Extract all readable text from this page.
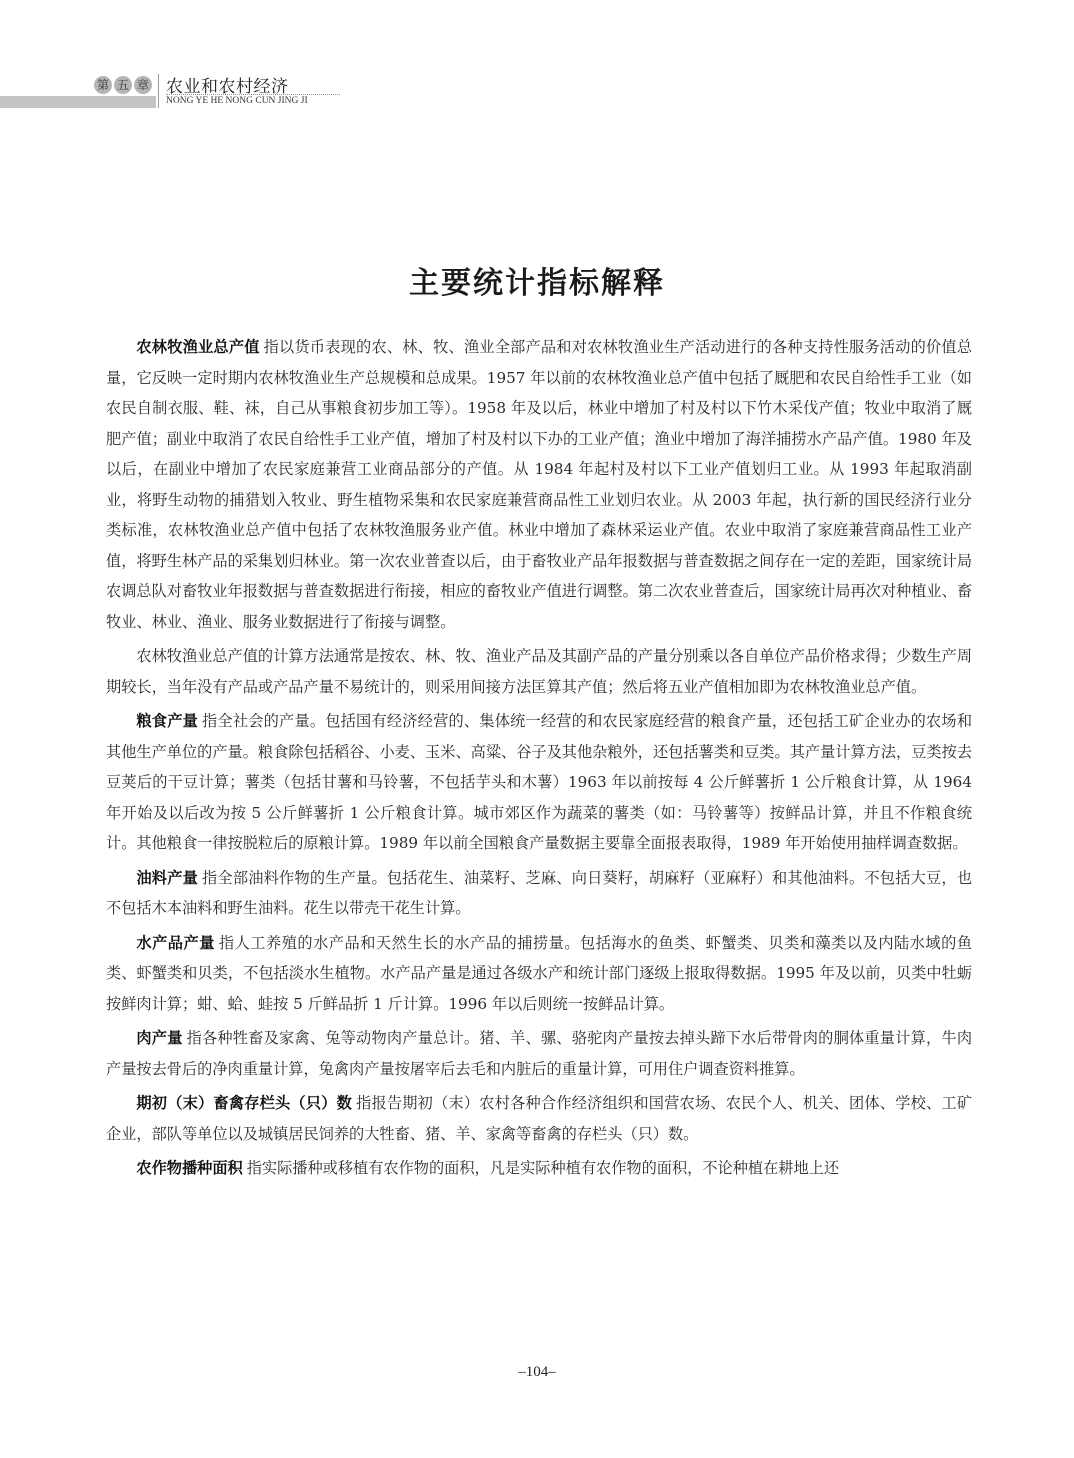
第 五 章 农业和农村经济
NONG YE HE NONG CUN JING JI
主要统计指标解释

农林牧渔业总产值 指以货币表现的农、林、牧、渔业全部产品和对农林牧渔业生产活动进行的各种支持性服务活动的价值总量，它反映一定时期内农林牧渔业生产总规模和总成果。1957 年以前的农林牧渔业总产值中包括了厩肥和农民自给性手工业（如农民自制衣服、鞋、袜，自己从事粮食初步加工等）。1958 年及以后，林业中增加了村及村以下竹木采伐产值；牧业中取消了厩肥产值；副业中取消了农民自给性手工业产值，增加了村及村以下办的工业产值；渔业中增加了海洋捕捞水产品产值。1980 年及以后，在副业中增加了农民家庭兼营工业商品部分的产值。从 1984 年起村及村以下工业产值划归工业。从 1993 年起取消副业，将野生动物的捕猎划入牧业、野生植物采集和农民家庭兼营商品性工业划归农业。从 2003 年起，执行新的国民经济行业分类标准，农林牧渔业总产值中包括了农林牧渔服务业产值。林业中增加了森林采运业产值。农业中取消了家庭兼营商品性工业产值，将野生林产品的采集划归林业。第一次农业普查以后，由于畜牧业产品年报数据与普查数据之间存在一定的差距，国家统计局农调总队对畜牧业年报数据与普查数据进行衔接，相应的畜牧业产值进行调整。第二次农业普查后，国家统计局再次对种植业、畜牧业、林业、渔业、服务业数据进行了衔接与调整。

农林牧渔业总产值的计算方法通常是按农、林、牧、渔业产品及其副产品的产量分别乘以各自单位产品价格求得；少数生产周期较长，当年没有产品或产品产量不易统计的，则采用间接方法匡算其产值；然后将五业产值相加即为农林牧渔业总产值。

粮食产量 指全社会的产量。包括国有经济经营的、集体统一经营的和农民家庭经营的粮食产量，还包括工矿企业办的农场和其他生产单位的产量。粮食除包括稻谷、小麦、玉米、高粱、谷子及其他杂粮外，还包括薯类和豆类。其产量计算方法，豆类按去豆荚后的干豆计算；薯类（包括甘薯和马铃薯，不包括芋头和木薯）1963 年以前按每 4 公斤鲜薯折 1 公斤粮食计算，从 1964 年开始及以后改为按 5 公斤鲜薯折 1 公斤粮食计算。城市郊区作为蔬菜的薯类（如：马铃薯等）按鲜品计算，并且不作粮食统计。其他粮食一律按脱粒后的原粮计算。1989 年以前全国粮食产量数据主要靠全面报表取得，1989 年开始使用抽样调查数据。

油料产量 指全部油料作物的生产量。包括花生、油菜籽、芝麻、向日葵籽，胡麻籽（亚麻籽）和其他油料。不包括大豆，也不包括木本油料和野生油料。花生以带壳干花生计算。

水产品产量 指人工养殖的水产品和天然生长的水产品的捕捞量。包括海水的鱼类、虾蟹类、贝类和藻类以及内陆水域的鱼类、虾蟹类和贝类，不包括淡水生植物。水产品产量是通过各级水产和统计部门逐级上报取得数据。1995 年及以前，贝类中牡蛎按鲜肉计算；蚶、蛤、蛙按 5 斤鲜品折 1 斤计算。1996 年以后则统一按鲜品计算。

肉产量 指各种牲畜及家禽、兔等动物肉产量总计。猪、羊、骡、骆驼肉产量按去掉头蹄下水后带骨肉的胴体重量计算，牛肉产量按去骨后的净肉重量计算，兔禽肉产量按屠宰后去毛和内脏后的重量计算，可用住户调查资料推算。

期初（末）畜禽存栏头（只）数 指报告期初（末）农村各种合作经济组织和国营农场、农民个人、机关、团体、学校、工矿企业，部队等单位以及城镇居民饲养的大牲畜、猪、羊、家禽等畜禽的存栏头（只）数。

农作物播种面积 指实际播种或移植有农作物的面积，凡是实际种植有农作物的面积，不论种植在耕地上还

–104–
